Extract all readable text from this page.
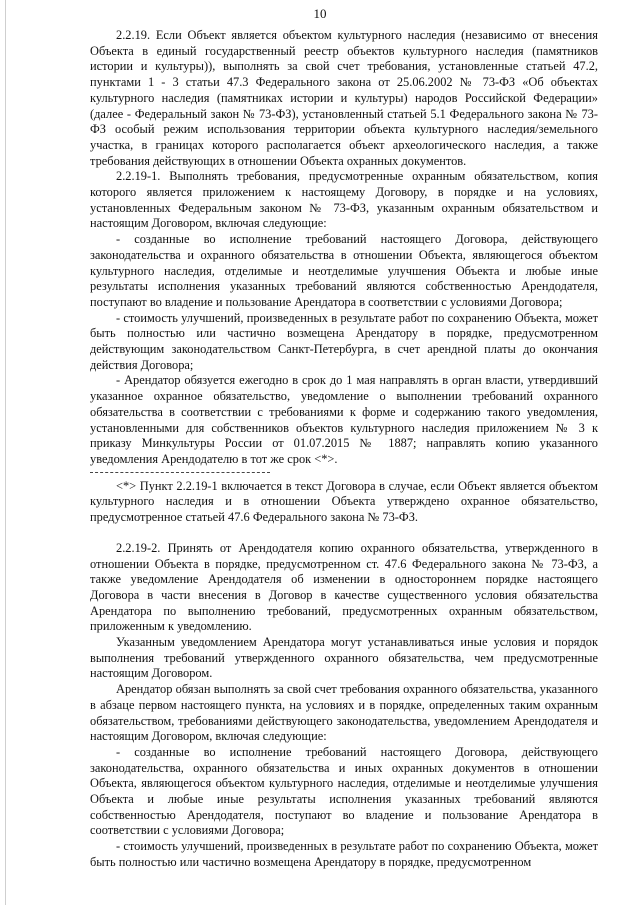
10

2.2.19. Если Объект является объектом культурного наследия (независимо от внесения Объекта в единый государственный реестр объектов культурного наследия (памятников истории и культуры)), выполнять за свой счет требования, установленные статьей 47.2, пунктами 1 - 3 статьи 47.3 Федерального закона от 25.06.2002 № 73-ФЗ «Об объектах культурного наследия (памятниках истории и культуры) народов Российской Федерации» (далее - Федеральный закон № 73-ФЗ), установленный статьей 5.1 Федерального закона № 73-ФЗ особый режим использования территории объекта культурного наследия/земельного участка, в границах которого располагается объект археологического наследия, а также требования действующих в отношении Объекта охранных документов.

2.2.19-1. Выполнять требования, предусмотренные охранным обязательством, копия которого является приложением к настоящему Договору, в порядке и на условиях, установленных Федеральным законом № 73-ФЗ, указанным охранным обязательством и настоящим Договором, включая следующие:

- созданные во исполнение требований настоящего Договора, действующего законодательства и охранного обязательства в отношении Объекта, являющегося объектом культурного наследия, отделимые и неотделимые улучшения Объекта и любые иные результаты исполнения указанных требований являются собственностью Арендодателя, поступают во владение и пользование Арендатора в соответствии с условиями Договора;

- стоимость улучшений, произведенных в результате работ по сохранению Объекта, может быть полностью или частично возмещена Арендатору в порядке, предусмотренном действующим законодательством Санкт-Петербурга, в счет арендной платы до окончания действия Договора;

- Арендатор обязуется ежегодно в срок до 1 мая направлять в орган власти, утвердивший указанное охранное обязательство, уведомление о выполнении требований охранного обязательства в соответствии с требованиями к форме и содержанию такого уведомления, установленными для собственников объектов культурного наследия приложением № 3 к приказу Минкультуры России от 01.07.2015 № 1887; направлять копию указанного уведомления Арендодателю в тот же срок <*>.

<*> Пункт 2.2.19-1 включается в текст Договора в случае, если Объект является объектом культурного наследия и в отношении Объекта утверждено охранное обязательство, предусмотренное статьей 47.6 Федерального закона № 73-ФЗ.

2.2.19-2. Принять от Арендодателя копию охранного обязательства, утвержденного в отношении Объекта в порядке, предусмотренном ст. 47.6 Федерального закона № 73-ФЗ, а также уведомление Арендодателя об изменении в одностороннем порядке настоящего Договора в части внесения в Договор в качестве существенного условия обязательства Арендатора по выполнению требований, предусмотренных охранным обязательством, приложенным к уведомлению.

Указанным уведомлением Арендатора могут устанавливаться иные условия и порядок выполнения требований утвержденного охранного обязательства, чем предусмотренные настоящим Договором.

Арендатор обязан выполнять за свой счет требования охранного обязательства, указанного в абзаце первом настоящего пункта, на условиях и в порядке, определенных таким охранным обязательством, требованиями действующего законодательства, уведомлением Арендодателя и настоящим Договором, включая следующие:

- созданные во исполнение требований настоящего Договора, действующего законодательства, охранного обязательства и иных охранных документов в отношении Объекта, являющегося объектом культурного наследия, отделимые и неотделимые улучшения Объекта и любые иные результаты исполнения указанных требований являются собственностью Арендодателя, поступают во владение и пользование Арендатора в соответствии с условиями Договора;

- стоимость улучшений, произведенных в результате работ по сохранению Объекта, может быть полностью или частично возмещена Арендатору в порядке, предусмотренном
